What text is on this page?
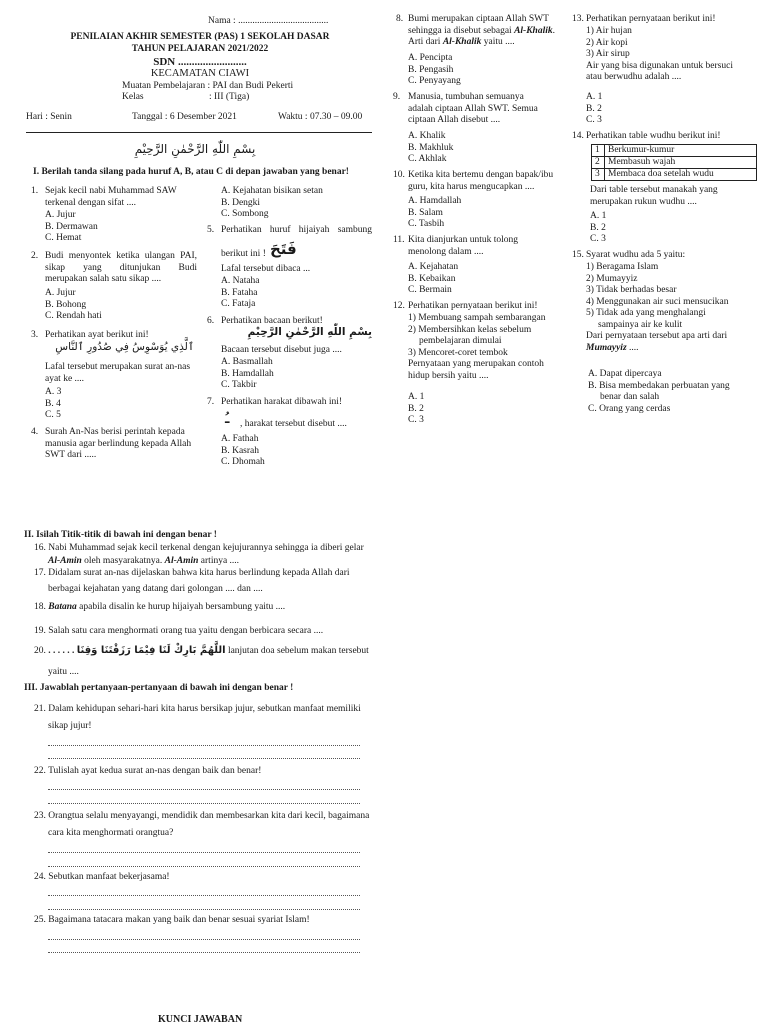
Nama : ......................................
PENILAIAN AKHIR SEMESTER (PAS) 1 SEKOLAH DASAR
TAHUN PELAJARAN 2021/2022
SDN .........................
KECAMATAN CIAWI
Muatan Pembelajaran : PAI dan Budi Pekerti
Kelas	: III (Tiga)
Hari : Senin	Tanggal : 6 Desember 2021	Waktu : 07.30 – 09.00
بِسْمِ اللّٰهِ الرَّحْمٰنِ الرَّحِيْمِ
I. Berilah tanda silang pada huruf A, B, atau C di depan jawaban yang benar!
1. Sejak kecil nabi Muhammad SAW
terkenal dengan sifat ....
A. Jujur
B. Dermawan
C. Hemat
2. Budi menyontek ketika ulangan PAI,
sikap yang ditunjukan Budi
merupakan salah satu sikap ....
A. Jujur
B. Bohong
C. Rendah hati
3. Perhatikan ayat berikut ini!
ٱلَّذِي يُوَسْوِسُ فِي صُدُورِ ٱلنَّاسِ
Lafal tersebut merupakan surat an-nas
ayat ke ....
A. 3
B. 4
C. 5
4. Surah An-Nas berisi perintah kepada
manusia agar berlindung kepada Allah
SWT dari .....
A. Kejahatan bisikan setan
B. Dengki
C. Sombong
5. Perhatikan huruf hijaiyah sambung
berikut ini ! فَتَحَ
Lafal tersebut dibaca ...
A. Nataha
B. Fataha
C. Fataja
6. Perhatikan bacaan berikut!
بِسْمِ اللّٰهِ الرَّحْمٰنِ الرَّحِيْمِ
Bacaan tersebut disebut juga ....
A. Basmallah
B. Hamdallah
C. Takbir
7. Perhatikan harakat dibawah ini!
ـُ , harakat tersebut disebut ....
A. Fathah
B. Kasrah
C. Dhomah
8. Bumi merupakan ciptaan Allah SWT
sehingga ia disebut sebagai Al-Khalik.
Arti dari Al-Khalik yaitu ....
A. Pencipta
B. Pengasih
C. Penyayang
9. Manusia, tumbuhan semuanya
adalah ciptaan Allah SWT. Semua
ciptaan Allah disebut ....
A. Khalik
B. Makhluk
C. Akhlak
10. Ketika kita bertemu dengan bapak/ibu
guru, kita harus mengucapkan ....
A. Hamdallah
B. Salam
C. Tasbih
11. Kita dianjurkan untuk tolong
menolong dalam ....
A. Kejahatan
B. Kebaikan
C. Bermain
12. Perhatikan pernyataan berikut ini!
1) Membuang sampah sembarangan
2) Membersihkan kelas sebelum
pembelajaran dimulai
3) Mencoret-coret tembok
Pernyataan yang merupakan contoh
hidup bersih yaitu ....
A. 1
B. 2
C. 3
13. Perhatikan pernyataan berikut ini!
1) Air hujan
2) Air kopi
3) Air sirup
Air yang bisa digunakan untuk bersuci
atau berwudhu adalah ....
A. 1
B. 2
C. 3
14. Perhatikan table wudhu berikut ini!
1	Berkumur-kumur
2	Membasuh wajah
3	Membaca doa setelah wudu
Dari table tersebut manakah yang
merupakan rukun wudhu ....
A. 1
B. 2
C. 3
15. Syarat wudhu ada 5 yaitu:
1) Beragama Islam
2) Mumayyiz
3) Tidak berhadas besar
4) Menggunakan air suci mensucikan
5) Tidak ada yang menghalangi
sampainya air ke kulit
Dari pernyataan tersebut apa arti dari
Mumayyiz ....
A. Dapat dipercaya
B. Bisa membedakan perbuatan yang
benar dan salah
C. Orang yang cerdas
II. Isilah Titik-titik di bawah ini dengan benar !
16. Nabi Muhammad sejak kecil terkenal dengan kejujurannya sehingga ia diberi gelar
Al-Amin oleh masyarakatnya. Al-Amin artinya ....
17. Didalam surat an-nas dijelaskan bahwa kita harus berlindung kepada Allah dari
berbagai kejahatan yang datang dari golongan .... dan ....
18. Batana apabila disalin ke hurup hijaiyah bersambung yaitu ....
19. Salah satu cara menghormati orang tua yaitu dengan berbicara secara ....
20. . . . . . . اللَّهُمَّ بَارِكْ لَنَا فِيْمَا رَزَقْتَنَا وَقِنَا lanjutan doa sebelum makan tersebut
yaitu ....
III. Jawablah pertanyaan-pertanyaan di bawah ini dengan benar !
21. Dalam kehidupan sehari-hari kita harus bersikap jujur, sebutkan manfaat memiliki
sikap jujur!
22. Tulislah ayat kedua surat an-nas dengan baik dan benar!
23. Orangtua selalu menyayangi, mendidik dan membesarkan kita dari kecil, bagaimana
cara kita menghormati orangtua?
24. Sebutkan manfaat bekerjasama!
25. Bagaimana tatacara makan yang baik dan benar sesuai syariat Islam!
KUNCI JAWABAN
